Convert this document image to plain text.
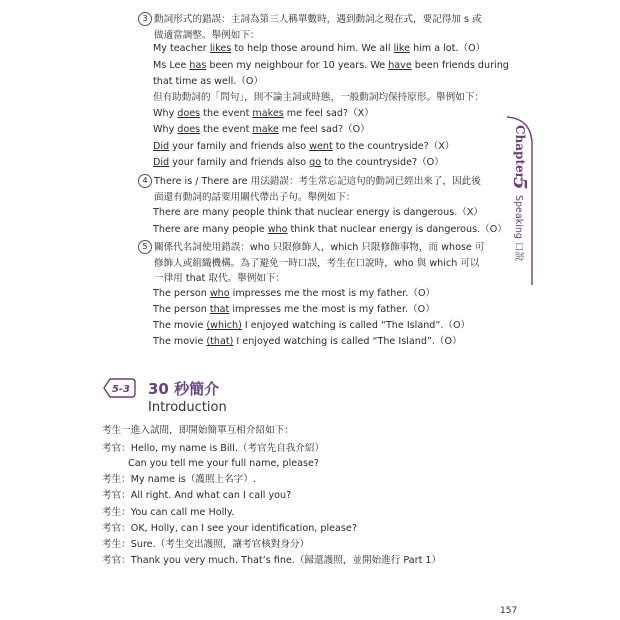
3 動詞形式的錯誤：主詞為第三人稱單數時，遇到動詞之現在式，要記得加 s 或做適當調整。舉例如下：
My teacher likes to help those around him. We all like him a lot.（O）
Ms Lee has been my neighbour for 10 years. We have been friends during
that time as well.（O）
但有助動詞的「問句」，則不論主詞或時態，一般動詞均保持原形。舉例如下：
Why does the event makes me feel sad?（X）
Why does the event make me feel sad?（O）
Did your family and friends also went to the countryside?（X）
Did your family and friends also go to the countryside?（O）
4 There is / There are 用法錯誤：考生常忘記這句的動詞已經出來了，因此後面還有動詞的話要用關代帶出子句。舉例如下：
There are many people think that nuclear energy is dangerous.（X）
There are many people who think that nuclear energy is dangerous.（O）
5 關係代名詞使用錯誤：who 只限修飾人，which 只限修飾事物，而 whose 可修飾人或組織機構。為了避免一時口誤，考生在口說時，who 與 which 可以一律用 that 取代。舉例如下：
The person who impresses me the most is my father.（O）
The person that impresses me the most is my father.（O）
The movie (which) I enjoyed watching is called “The Island”.（O）
The movie (that) I enjoyed watching is called “The Island”.（O）
5-3 30 秒簡介
Introduction
考生一進入試間，即開始簡單互相介紹如下：
考官：Hello, my name is Bill.（考官先自我介紹）
Can you tell me your full name, please?
考生：My name is（護照上名字）.
考官：All right. And what can I call you?
考生：You can call me Holly.
考官：OK, Holly, can I see your identification, please?
考生：Sure.（考生交出護照，讓考官核對身分）
考官：Thank you very much. That’s fine.（歸還護照，並開始進行 Part 1）
Chapter
5
Speaking 口說
157
